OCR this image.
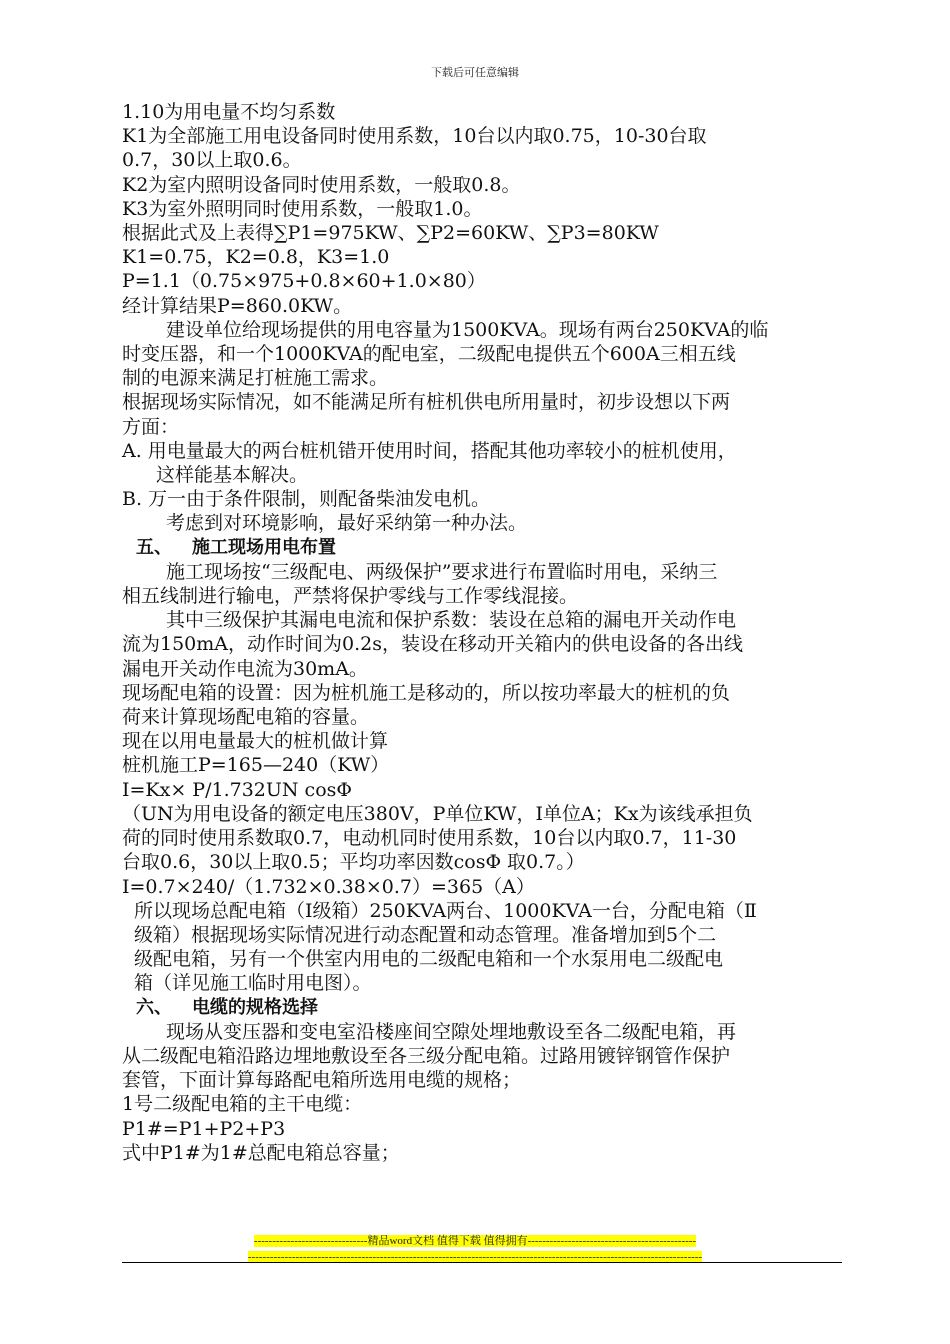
下载后可任意编辑

1.10为用电量不均匀系数

K1为全部施工用电设备同时使用系数，10台以内取0.75，10-30台取

0.7，30以上取0.6。

K2为室内照明设备同时使用系数，一般取0.8。

K3为室外照明同时使用系数，一般取1.0。

根据此式及上表得∑P1=975KW、∑P2=60KW、∑P3=80KW

K1=0.75，K2=0.8，K3=1.0

P=1.1（0.75×975+0.8×60+1.0×80）

经计算结果P=860.0KW。

建设单位给现场提供的用电容量为1500KVA。现场有两台250KVA的临

时变压器，和一个1000KVA的配电室，二级配电提供五个600A三相五线

制的电源来满足打桩施工需求。

根据现场实际情况，如不能满足所有桩机供电所用量时，初步设想以下两

方面：

A. 用电量最大的两台桩机错开使用时间，搭配其他功率较小的桩机使用，

这样能基本解决。

B. 万一由于条件限制，则配备柴油发电机。

考虑到对环境影响，最好采纳第一种办法。

五、 施工现场用电布置

施工现场按“三级配电、两级保护”要求进行布置临时用电，采纳三

相五线制进行输电，严禁将保护零线与工作零线混接。

其中三级保护其漏电电流和保护系数：装设在总箱的漏电开关动作电

流为150mA，动作时间为0.2s，装设在移动开关箱内的供电设备的各出线

漏电开关动作电流为30mA。

现场配电箱的设置：因为桩机施工是移动的，所以按功率最大的桩机的负

荷来计算现场配电箱的容量。

现在以用电量最大的桩机做计算

桩机施工P=165—240（KW）

I=Kx× P/1.732UN cosΦ

（UN为用电设备的额定电压380V，P单位KW，I单位A；Kx为该线承担负

荷的同时使用系数取0.7，电动机同时使用系数，10台以内取0.7，11-30

台取0.6，30以上取0.5；平均功率因数cosΦ 取0.7。）

I=0.7×240/（1.732×0.38×0.7）=365（A）

所以现场总配电箱（Ⅰ级箱）250KVA两台、1000KVA一台，分配电箱（Ⅱ

级箱）根据现场实际情况进行动态配置和动态管理。准备增加到5个二

级配电箱，另有一个供室内用电的二级配电箱和一个水泵用电二级配电

箱（详见施工临时用电图）。

六、 电缆的规格选择

现场从变压器和变电室沿楼座间空隙处埋地敷设至各二级配电箱，再

从二级配电箱沿路边埋地敷设至各三级分配电箱。过路用镀锌钢管作保护

套管，下面计算每路配电箱所选用电缆的规格；

1号二级配电箱的主干电缆：

P1#=P1+P2+P3

式中P1#为1#总配电箱总容量；

-------------------------------精品word文档 值得下载 值得拥有----------------------------------------------
----------------------------------------------------------------------------------------------------------------------------
